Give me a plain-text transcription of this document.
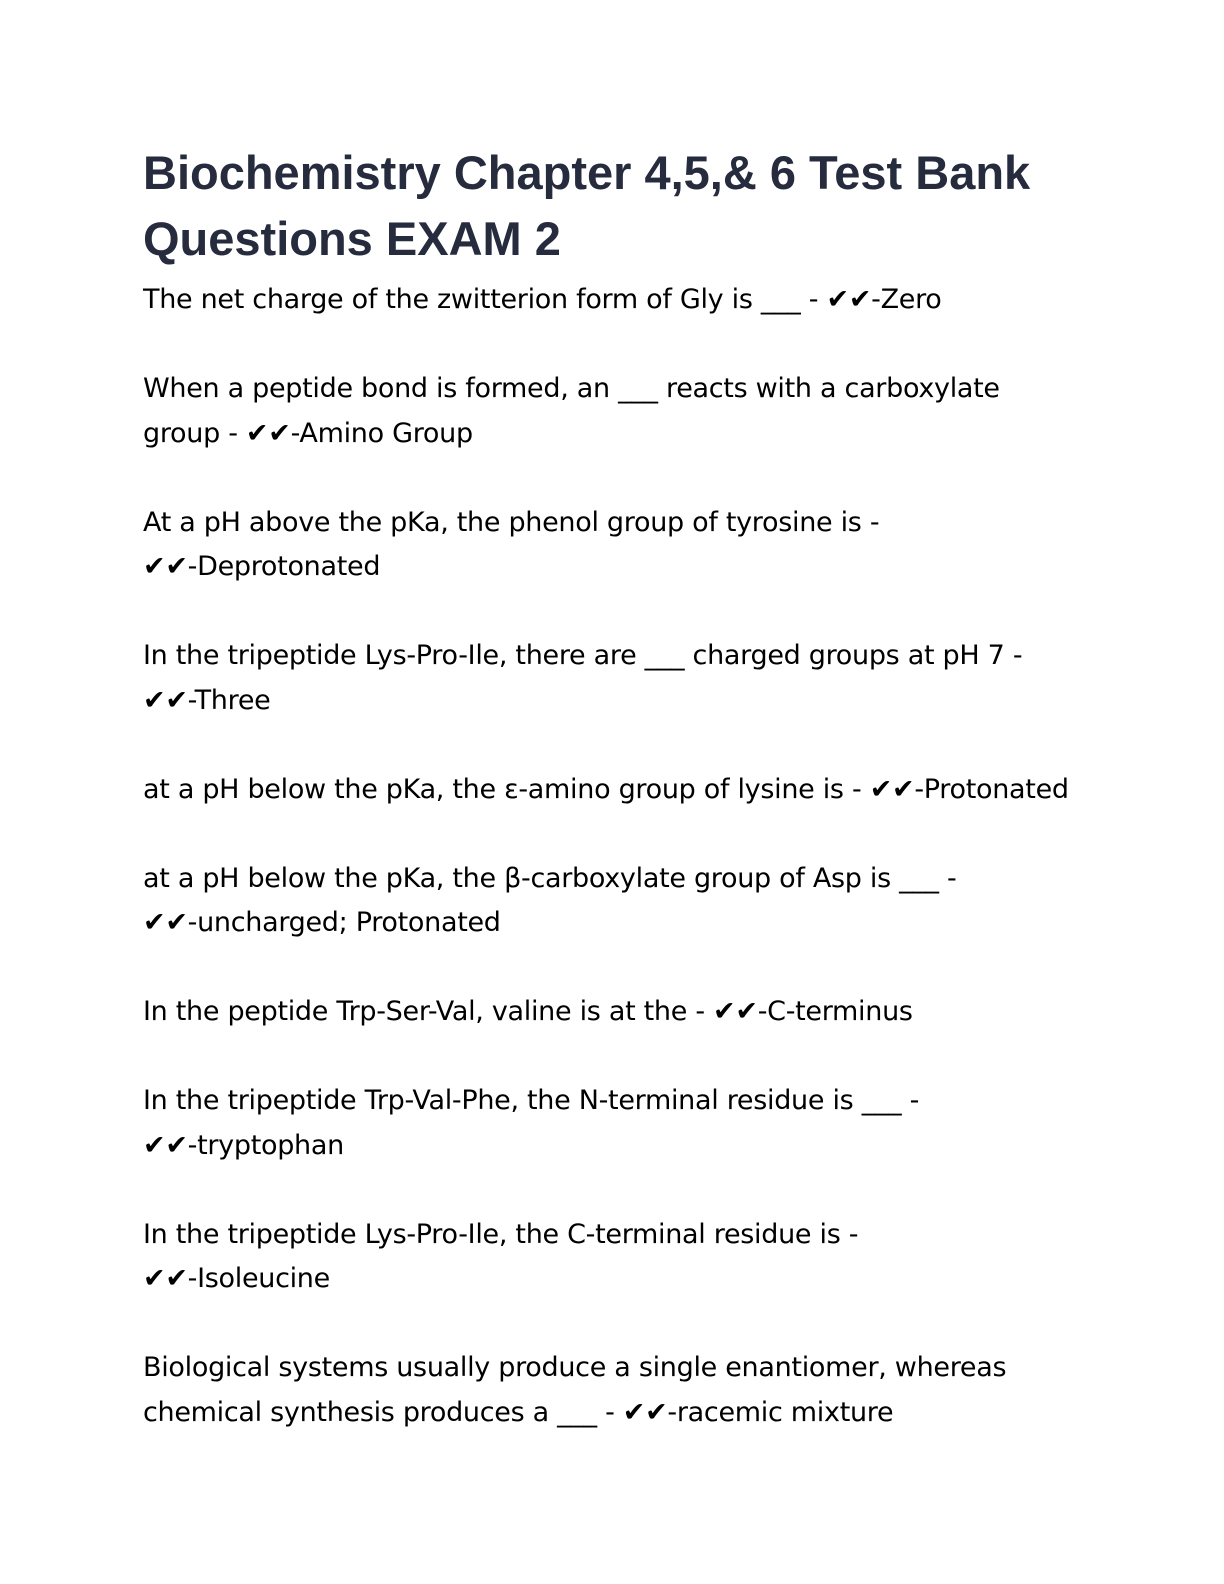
Biochemistry Chapter 4,5,& 6 Test Bank
Questions EXAM 2

The net charge of the zwitterion form of Gly is ___ - ✔✔-Zero

When a peptide bond is formed, an ___ reacts with a carboxylate
group - ✔✔-Amino Group

At a pH above the pKa, the phenol group of tyrosine is -
✔✔-Deprotonated

In the tripeptide Lys-Pro-Ile, there are ___ charged groups at pH 7 -
✔✔-Three

at a pH below the pKa, the ε-amino group of lysine is - ✔✔-Protonated

at a pH below the pKa, the β-carboxylate group of Asp is ___ -
✔✔-uncharged; Protonated

In the peptide Trp-Ser-Val, valine is at the - ✔✔-C-terminus

In the tripeptide Trp-Val-Phe, the N-terminal residue is ___ -
✔✔-tryptophan

In the tripeptide Lys-Pro-Ile, the C-terminal residue is -
✔✔-Isoleucine

Biological systems usually produce a single enantiomer, whereas
chemical synthesis produces a ___ - ✔✔-racemic mixture
